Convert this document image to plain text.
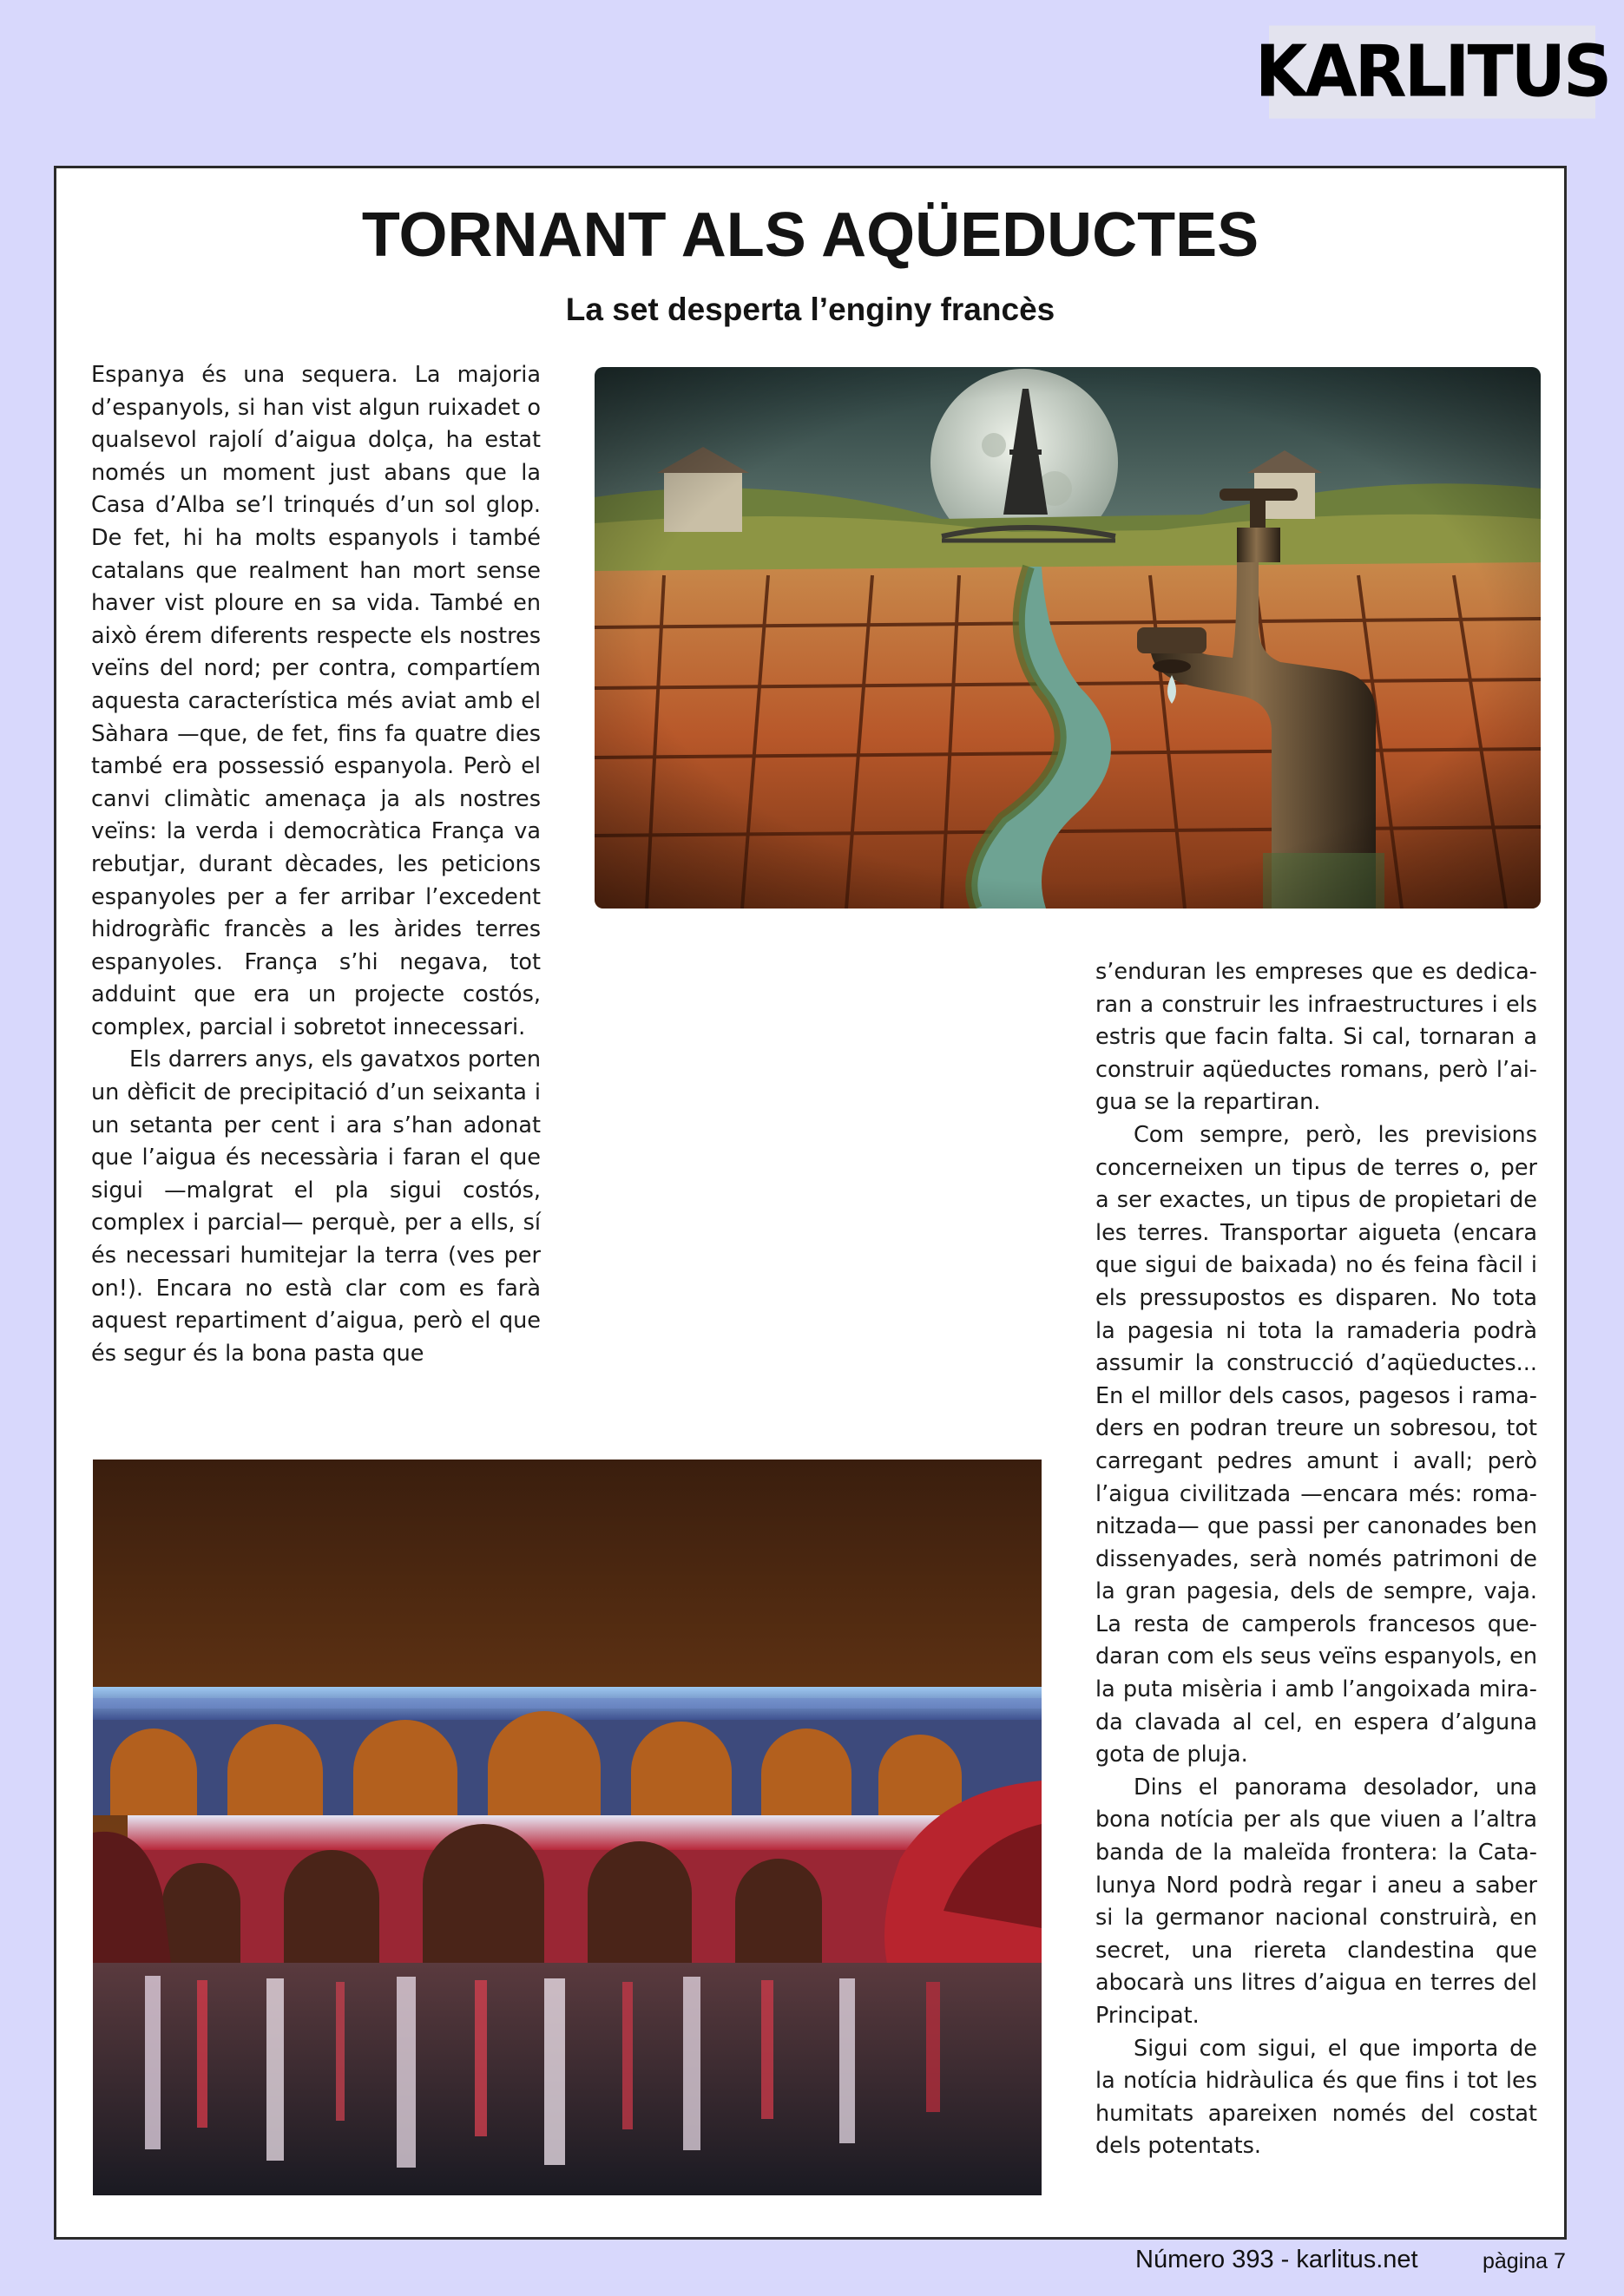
KARLITUS
TORNANT ALS AQÜEDUCTES
La set desperta l’enginy francès

Espanya és una sequera. La majoria d’espanyols, si han vist algun ruixadet o qualsevol rajolí d’aigua dolça, ha estat només un moment just abans que la Casa d’Alba se’l trinqués d’un sol glop. De fet, hi ha molts espanyols i també catalans que realment han mort sense haver vist ploure en sa vida. També en això érem diferents respecte els nostres veïns del nord; per contra, compartíem aquesta característica més aviat amb el Sàhara —que, de fet, fins fa quatre dies també era possessió espanyola. Però el canvi climàtic amenaça ja als nostres veïns: la verda i democràtica França va rebutjar, durant dècades, les peticions espanyoles per a fer arribar l’excedent hidrogràfic francès a les àrides terres espanyoles. França s’hi negava, tot adduint que era un projecte costós, complex, parcial i sobretot innecessari.

Els darrers anys, els gavatxos porten un dèficit de precipitació d’un seixanta i un setanta per cent i ara s’han adonat que l’aigua és necessària i faran el que sigui —malgrat el pla sigui costós, complex i parcial— perquè, per a ells, sí és necessari humitejar la terra (ves per on!). Encara no està clar com es farà aquest repartiment d’aigua, però el que és segur és la bona pasta que

s’enduran les empreses que es dedicaran a construir les infraestructures i els estris que facin falta. Si cal, tornaran a construir aqüeductes romans, però l’aigua se la repartiran.

Com sempre, però, les previsions concerneixen un tipus de terres o, per a ser exactes, un tipus de propietari de les terres. Transportar aigueta (encara que sigui de baixada) no és feina fàcil i els pressupostos es disparen. No tota la pagesia ni tota la ramaderia podrà assumir la construcció d’aqüeductes... En el millor dels casos, pagesos i ramaders en podran treure un sobresou, tot carregant pedres amunt i avall; però l’aigua civilitzada —encara més: romanitzada— que passi per canonades ben dissenyades, serà només patrimoni de la gran pagesia, dels de sempre, vaja. La resta de camperols francesos quedaran com els seus veïns espanyols, en la puta misèria i amb l’angoixada mirada clavada al cel, en espera d’alguna gota de pluja.

Dins el panorama desolador, una bona notícia per als que viuen a l’altra banda de la maleïda frontera: la Catalunya Nord podrà regar i aneu a saber si la germanor nacional construirà, en secret, una riereta clandestina que abocarà uns litres d’aigua en terres del Principat.

Sigui com sigui, el que importa de la notícia hidràulica és que fins i tot les humitats apareixen només del costat dels potentats.

Número 393 - karlitus.net	pàgina 7
